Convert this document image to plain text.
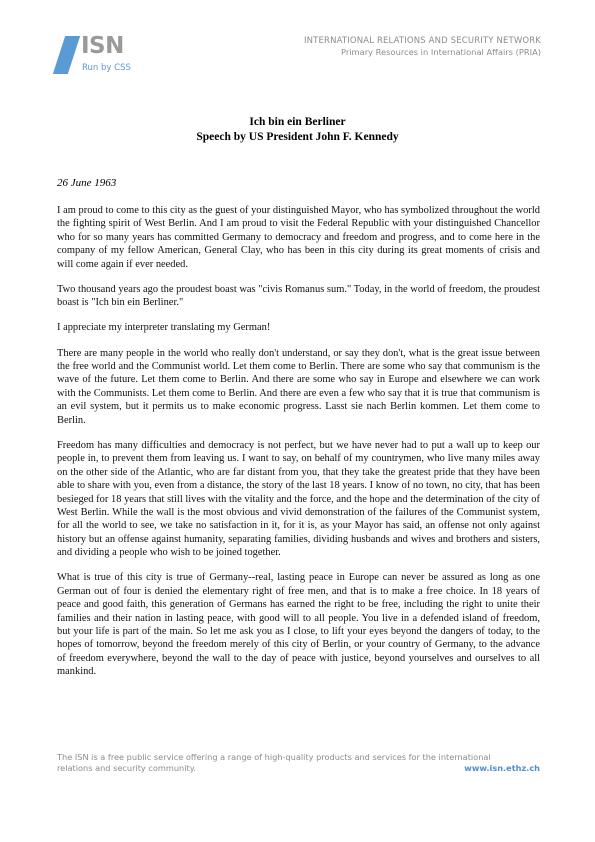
ISN
Run by CSS
INTERNATIONAL RELATIONS AND SECURITY NETWORK
Primary Resources in International Affairs (PRIA)
Ich bin ein Berliner
Speech by US President John F. Kennedy
26 June 1963

I am proud to come to this city as the guest of your distinguished Mayor, who has symbolized throughout the world the fighting spirit of West Berlin. And I am proud to visit the Federal Republic with your distinguished Chancellor who for so many years has committed Germany to democracy and freedom and progress, and to come here in the company of my fellow American, General Clay, who has been in this city during its great moments of crisis and will come again if ever needed.

Two thousand years ago the proudest boast was "civis Romanus sum." Today, in the world of freedom, the proudest boast is "Ich bin ein Berliner."

I appreciate my interpreter translating my German!

There are many people in the world who really don't understand, or say they don't, what is the great issue between the free world and the Communist world. Let them come to Berlin. There are some who say that communism is the wave of the future. Let them come to Berlin. And there are some who say in Europe and elsewhere we can work with the Communists. Let them come to Berlin. And there are even a few who say that it is true that communism is an evil system, but it permits us to make economic progress. Lasst sie nach Berlin kommen. Let them come to Berlin.

Freedom has many difficulties and democracy is not perfect, but we have never had to put a wall up to keep our people in, to prevent them from leaving us. I want to say, on behalf of my countrymen, who live many miles away on the other side of the Atlantic, who are far distant from you, that they take the greatest pride that they have been able to share with you, even from a distance, the story of the last 18 years. I know of no town, no city, that has been besieged for 18 years that still lives with the vitality and the force, and the hope and the determination of the city of West Berlin. While the wall is the most obvious and vivid demonstration of the failures of the Communist system, for all the world to see, we take no satisfaction in it, for it is, as your Mayor has said, an offense not only against history but an offense against humanity, separating families, dividing husbands and wives and brothers and sisters, and dividing a people who wish to be joined together.

What is true of this city is true of Germany--real, lasting peace in Europe can never be assured as long as one German out of four is denied the elementary right of free men, and that is to make a free choice. In 18 years of peace and good faith, this generation of Germans has earned the right to be free, including the right to unite their families and their nation in lasting peace, with good will to all people. You live in a defended island of freedom, but your life is part of the main. So let me ask you as I close, to lift your eyes beyond the dangers of today, to the hopes of tomorrow, beyond the freedom merely of this city of Berlin, or your country of Germany, to the advance of freedom everywhere, beyond the wall to the day of peace with justice, beyond yourselves and ourselves to all mankind.

The ISN is a free public service offering a range of high-quality products and services for the international
relations and security community.	www.isn.ethz.ch
